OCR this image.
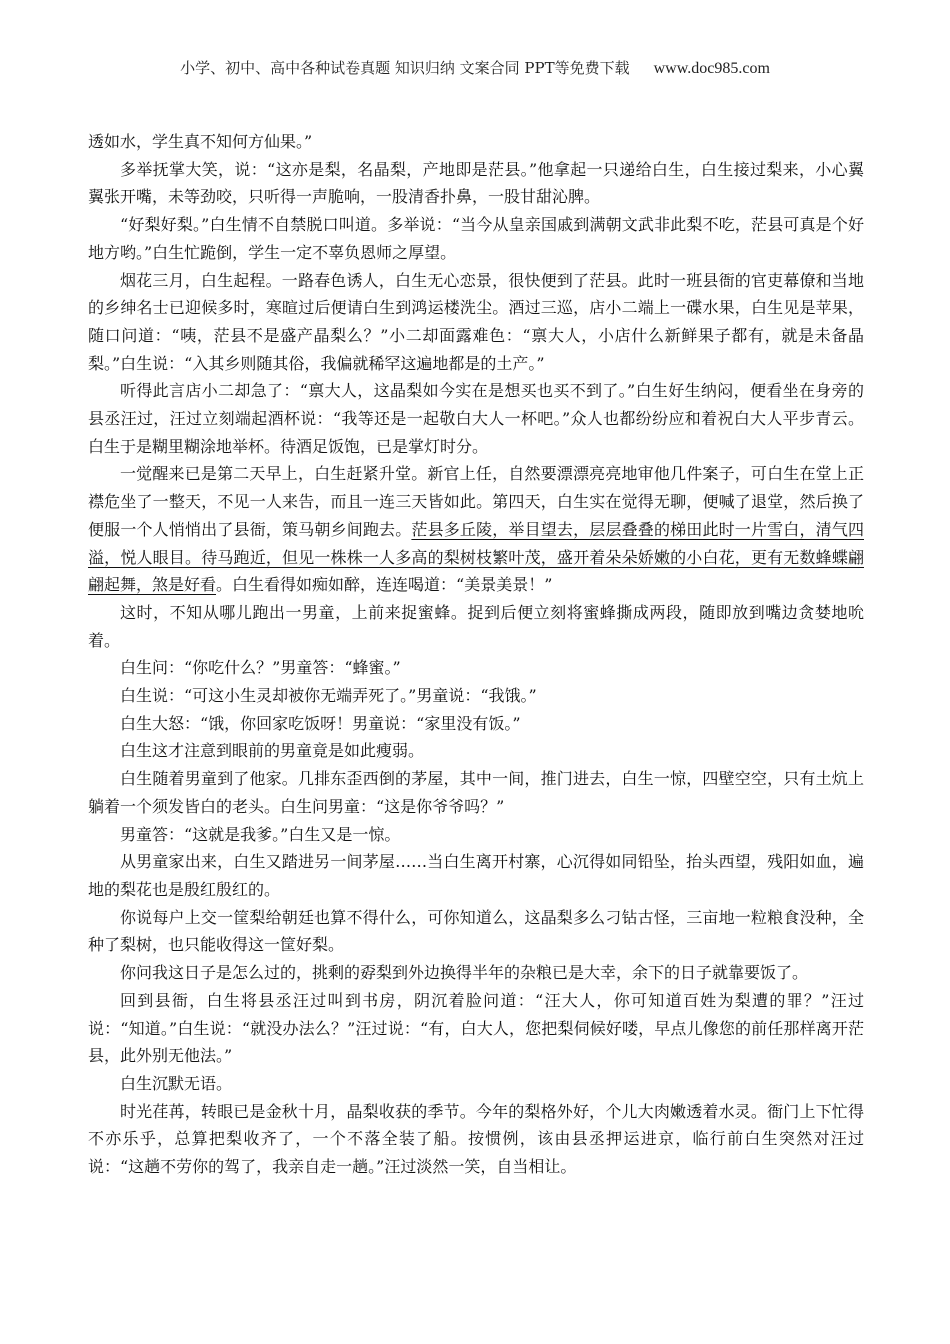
小学、初中、高中各种试卷真题 知识归纳 文案合同 PPT等免费下载 www.doc985.com

透如水，学生真不知何方仙果。”

多举抚掌大笑，说：“这亦是梨，名晶梨，产地即是茫县。”他拿起一只递给白生，白生接过梨来，小心翼翼张开嘴，未等劲咬，只听得一声脆响，一股清香扑鼻，一股甘甜沁脾。

“好梨好梨。”白生情不自禁脱口叫道。多举说：“当今从皇亲国戚到满朝文武非此梨不吃，茫县可真是个好地方哟。”白生忙跪倒，学生一定不辜负恩师之厚望。

烟花三月，白生起程。一路春色诱人，白生无心恋景，很快便到了茫县。此时一班县衙的官吏幕僚和当地的乡绅名士已迎候多时，寒暄过后便请白生到鸿运楼洗尘。酒过三巡，店小二端上一碟水果，白生见是苹果，随口问道：“咦，茫县不是盛产晶梨么？”小二却面露难色：“禀大人，小店什么新鲜果子都有，就是未备晶梨。”白生说：“入其乡则随其俗，我偏就稀罕这遍地都是的土产。”

听得此言店小二却急了：“禀大人，这晶梨如今实在是想买也买不到了。”白生好生纳闷，便看坐在身旁的县丞汪过，汪过立刻端起酒杯说：“我等还是一起敬白大人一杯吧。”众人也都纷纷应和着祝白大人平步青云。白生于是糊里糊涂地举杯。待酒足饭饱，已是掌灯时分。

一觉醒来已是第二天早上，白生赶紧升堂。新官上任，自然要漂漂亮亮地审他几件案子，可白生在堂上正襟危坐了一整天，不见一人来告，而且一连三天皆如此。第四天，白生实在觉得无聊，便喊了退堂，然后换了便服一个人悄悄出了县衙，策马朝乡间跑去。茫县多丘陵，举目望去，层层叠叠的梯田此时一片雪白，清气四溢，悦人眼目。待马跑近，但见一株株一人多高的梨树枝繁叶茂，盛开着朵朵娇嫩的小白花，更有无数蜂蝶翩翩起舞，煞是好看。白生看得如痴如醉，连连喝道：“美景美景！”

这时，不知从哪儿跑出一男童，上前来捉蜜蜂。捉到后便立刻将蜜蜂撕成两段，随即放到嘴边贪婪地吮着。

白生问：“你吃什么？”男童答：“蜂蜜。”

白生说：“可这小生灵却被你无端弄死了。”男童说：“我饿。”

白生大怒：“饿，你回家吃饭呀！男童说：“家里没有饭。”

白生这才注意到眼前的男童竟是如此瘦弱。

白生随着男童到了他家。几排东歪西倒的茅屋，其中一间，推门进去，白生一惊，四壁空空，只有土炕上躺着一个须发皆白的老头。白生问男童：“这是你爷爷吗？”

男童答：“这就是我爹。”白生又是一惊。

从男童家出来，白生又踏进另一间茅屋……当白生离开村寨，心沉得如同铅坠，抬头西望，残阳如血，遍地的梨花也是殷红殷红的。

你说每户上交一筐梨给朝廷也算不得什么，可你知道么，这晶梨多么刁钻古怪，三亩地一粒粮食没种，全种了梨树，也只能收得这一筐好梨。

你问我这日子是怎么过的，挑剩的孬梨到外边换得半年的杂粮已是大幸，余下的日子就靠要饭了。

回到县衙，白生将县丞汪过叫到书房，阴沉着脸问道：“汪大人，你可知道百姓为梨遭的罪？”汪过说：“知道。”白生说：“就没办法么？”汪过说：“有，白大人，您把梨伺候好喽，早点儿像您的前任那样离开茫县，此外别无他法。”

白生沉默无语。

时光荏苒，转眼已是金秋十月，晶梨收获的季节。今年的梨格外好，个儿大肉嫩透着水灵。衙门上下忙得不亦乐乎，总算把梨收齐了，一个不落全装了船。按惯例，该由县丞押运进京，临行前白生突然对汪过说：“这趟不劳你的驾了，我亲自走一趟。”汪过淡然一笑，自当相让。
